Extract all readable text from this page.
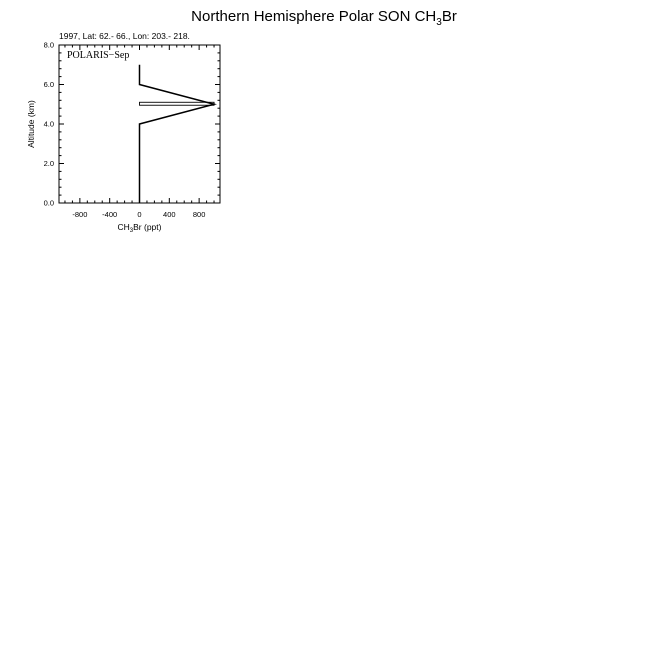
Northern Hemisphere Polar SON $CH_3Br$
1997, Lat: 62.- 66., Lon: 203.- 218.
-800 -400	0	400 800
0.0
2.0
4.0
6.0
8.0
POLARIS−Sep
$CH_3Br$ (ppt)
Altitude (km)
